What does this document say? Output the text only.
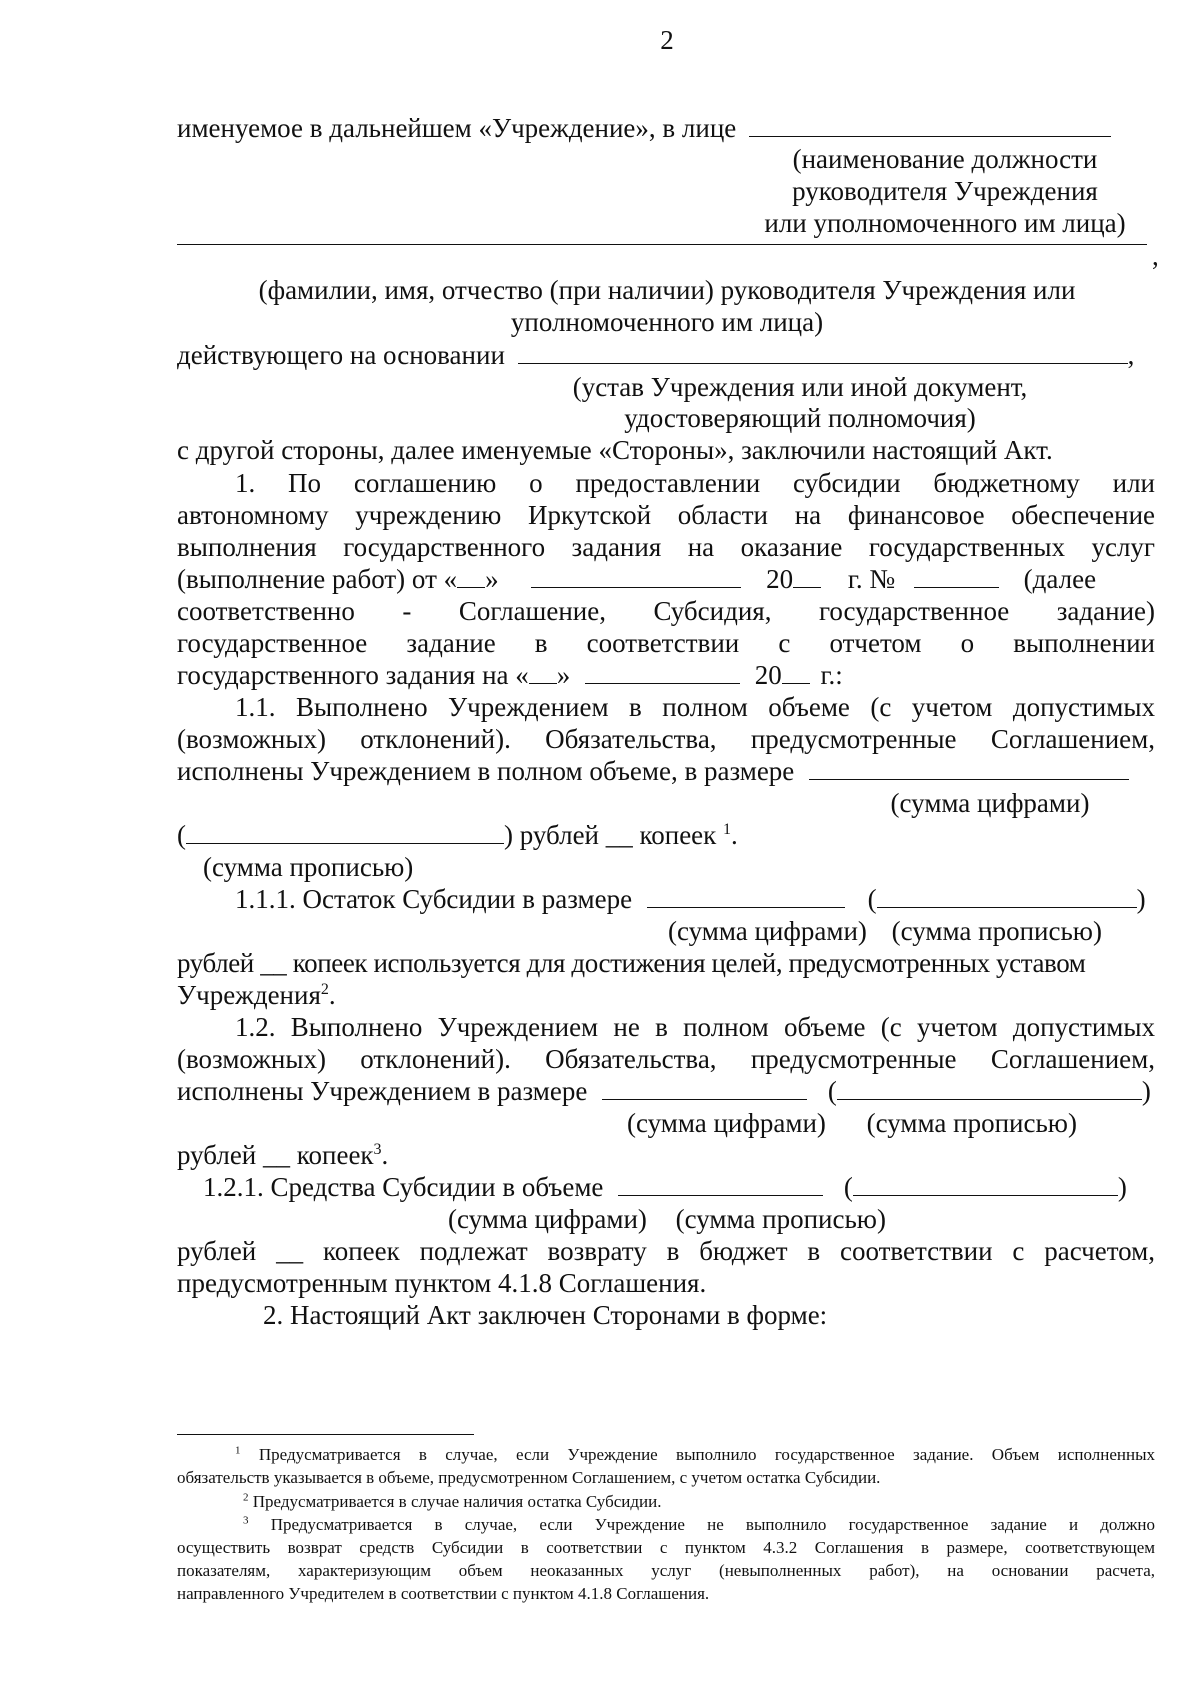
2
именуемое в дальнейшем «Учреждение», в лице
(наименование должности
руководителя Учреждения
или уполномоченного им лица)
,
(фамилии, имя, отчество (при наличии) руководителя Учреждения или
уполномоченного им лица)
действующего на основании	,
(устав Учреждения или иной документ,
удостоверяющий полномочия)
с другой стороны, далее именуемые «Стороны», заключили настоящий Акт.
1. По соглашению о предоставлении субсидии бюджетному или
автономному учреждению Иркутской области на финансовое обеспечение
выполнения государственного задания на оказание государственных услуг
(выполнение работ) от « »	20 г. №	(далее
соответственно - Соглашение, Субсидия, государственное задание)
государственное задание в соответствии с отчетом о выполнении
государственного задания на « »	20 г.:
1.1. Выполнено Учреждением в полном объеме (с учетом допустимых
(возможных) отклонений). Обязательства, предусмотренные Соглашением,
исполнены Учреждением в полном объеме, в размере
(сумма цифрами)
(	) рублей __ копеек $^1$.
(сумма прописью)
1.1.1. Остаток Субсидии в размере	(	)
(сумма цифрами) (сумма прописью)
рублей __ копеек используется для достижения целей, предусмотренных уставом
Учреждения$^2$.
1.2. Выполнено Учреждением не в полном объеме (с учетом допустимых
(возможных) отклонений). Обязательства, предусмотренные Соглашением,
исполнены Учреждением в размере	(	)
(сумма цифрами) (сумма прописью)
рублей __ копеек$^3$.
1.2.1. Средства Субсидии в объеме	(	)
(сумма цифрами) (сумма прописью)
рублей __ копеек подлежат возврату в бюджет в соответствии с расчетом,
предусмотренным пунктом 4.1.8 Соглашения.
2. Настоящий Акт заключен Сторонами в форме:
$^1$ Предусматривается в случае, если Учреждение выполнило государственное задание. Объем исполненных
обязательств указывается в объеме, предусмотренном Соглашением, с учетом остатка Субсидии.
$^2$ Предусматривается в случае наличия остатка Субсидии.
$^3$ Предусматривается в случае, если Учреждение не выполнило государственное задание и должно
осуществить возврат средств Субсидии в соответствии с пунктом 4.3.2 Соглашения в размере, соответствующем
показателям, характеризующим объем неоказанных услуг (невыполненных работ), на основании расчета,
направленного Учредителем в соответствии с пунктом 4.1.8 Соглашения.
